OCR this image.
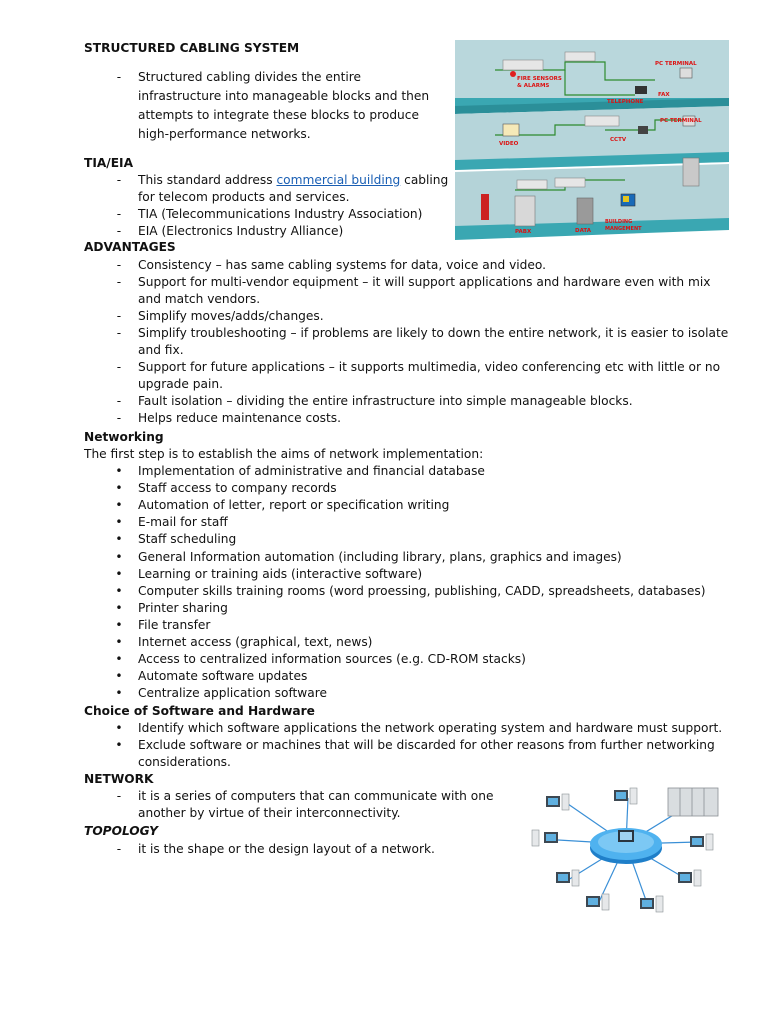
STRUCTURED CABLING SYSTEM
-	Structured cabling divides the entire
infrastructure into manageable blocks and then
attempts to integrate these blocks to produce
high-performance networks.
FIRE SENSORS
& ALARMS
PC TERMINAL
TELEPHONE
FAX
VIDEO
CCTV
PC TERMINAL
PABX	DATA
BUILDING
MANGEMENT
TIA/EIA
-	This standard address commercial building cabling
for telecom products and services.
-	TIA (Telecommunications Industry Association)
-	EIA (Electronics Industry Alliance)
ADVANTAGES
-	Consistency – has same cabling systems for data, voice and video.
-	Support for multi-vendor equipment – it will support applications and hardware even with mix
and match vendors.
-	Simplify moves/adds/changes.
-	Simplify troubleshooting – if problems are likely to down the entire network, it is easier to isolate
and fix.
-	Support for future applications – it supports multimedia, video conferencing etc with little or no
upgrade pain.
-	Fault isolation – dividing the entire infrastructure into simple manageable blocks.
-	Helps reduce maintenance costs.
Networking
The first step is to establish the aims of network implementation:
•	Implementation of administrative and financial database
•	Staff access to company records
•	Automation of letter, report or specification writing
•	E-mail for staff
•	Staff scheduling
•	General Information automation (including library, plans, graphics and images)
•	Learning or training aids (interactive software)
•	Computer skills training rooms (word proessing, publishing, CADD, spreadsheets, databases)
•	Printer sharing
•	File transfer
•	Internet access (graphical, text, news)
•	Access to centralized information sources (e.g. CD-ROM stacks)
•	Automate software updates
•	Centralize application software
Choice of Software and Hardware
•	Identify which software applications the network operating system and hardware must support.
•	Exclude software or machines that will be discarded for other reasons from further networking
considerations.
NETWORK
-	it is a series of computers that can communicate with one
another by virtue of their interconnectivity.
TOPOLOGY
-	it is the shape or the design layout of a network.
